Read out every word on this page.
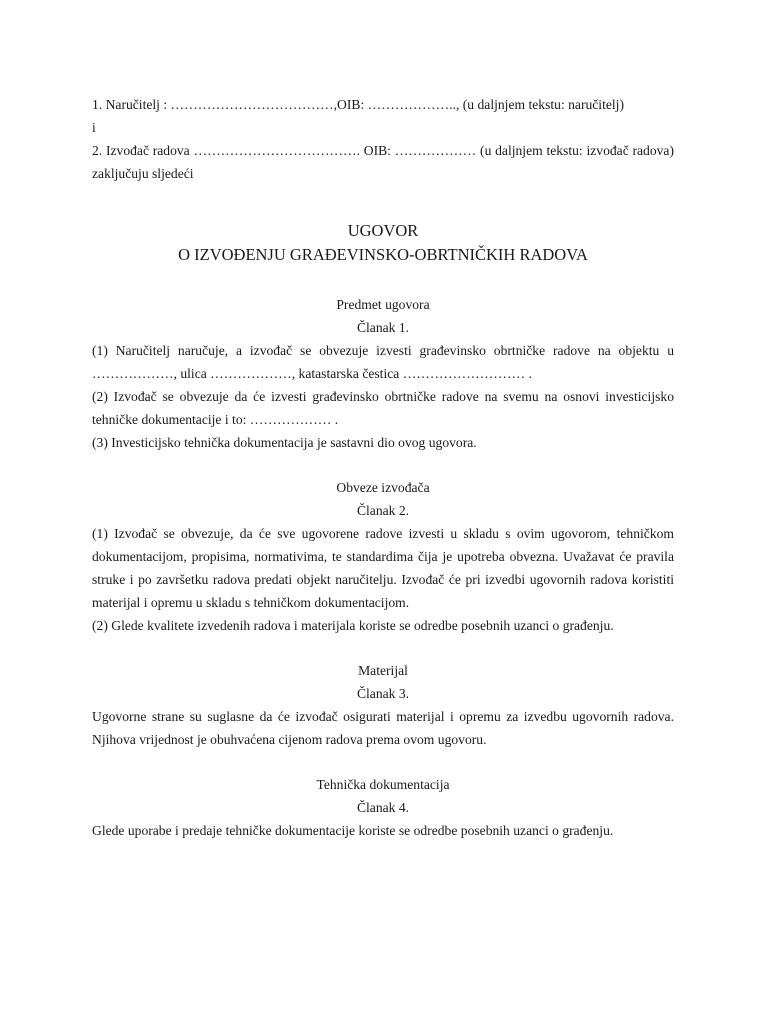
1. Naručitelj : ………………………………,OIB: ……………….., (u daljnjem tekstu: naručitelj)

i

2. Izvođač radova ………………………………. OIB: ……………… (u daljnjem tekstu: izvođač radova) zaključuju sljedeći

UGOVOR

O IZVOĐENJU GRAĐEVINSKO-OBRTNIČKIH RADOVA

Predmet ugovora

Članak 1.

(1) Naručitelj naručuje, a izvođač se obvezuje izvesti građevinsko obrtničke radove na objektu u ………………, ulica ………………, katastarska čestica ……………………… .

(2) Izvođač se obvezuje da će izvesti građevinsko obrtničke radove na svemu na osnovi investicijsko tehničke dokumentacije i to: ……………… .

(3) Investicijsko tehnička dokumentacija je sastavni dio ovog ugovora.

Obveze izvođača

Članak 2.

(1) Izvođač se obvezuje, da će sve ugovorene radove izvesti u skladu s ovim ugovorom, tehničkom dokumentacijom, propisima, normativima, te standardima čija je upotreba obvezna. Uvažavat će pravila struke i po završetku radova predati objekt naručitelju. Izvođač će pri izvedbi ugovornih radova koristiti materijal i opremu u skladu s tehničkom dokumentacijom.

(2) Glede kvalitete izvedenih radova i materijala koriste se odredbe posebnih uzanci o građenju.

Materijal

Članak 3.

Ugovorne strane su suglasne da će izvođač osigurati materijal i opremu za izvedbu ugovornih radova. Njihova vrijednost je obuhvaćena cijenom radova prema ovom ugovoru.

Tehnička dokumentacija

Članak 4.

Glede uporabe i predaje tehničke dokumentacije koriste se odredbe posebnih uzanci o građenju.
